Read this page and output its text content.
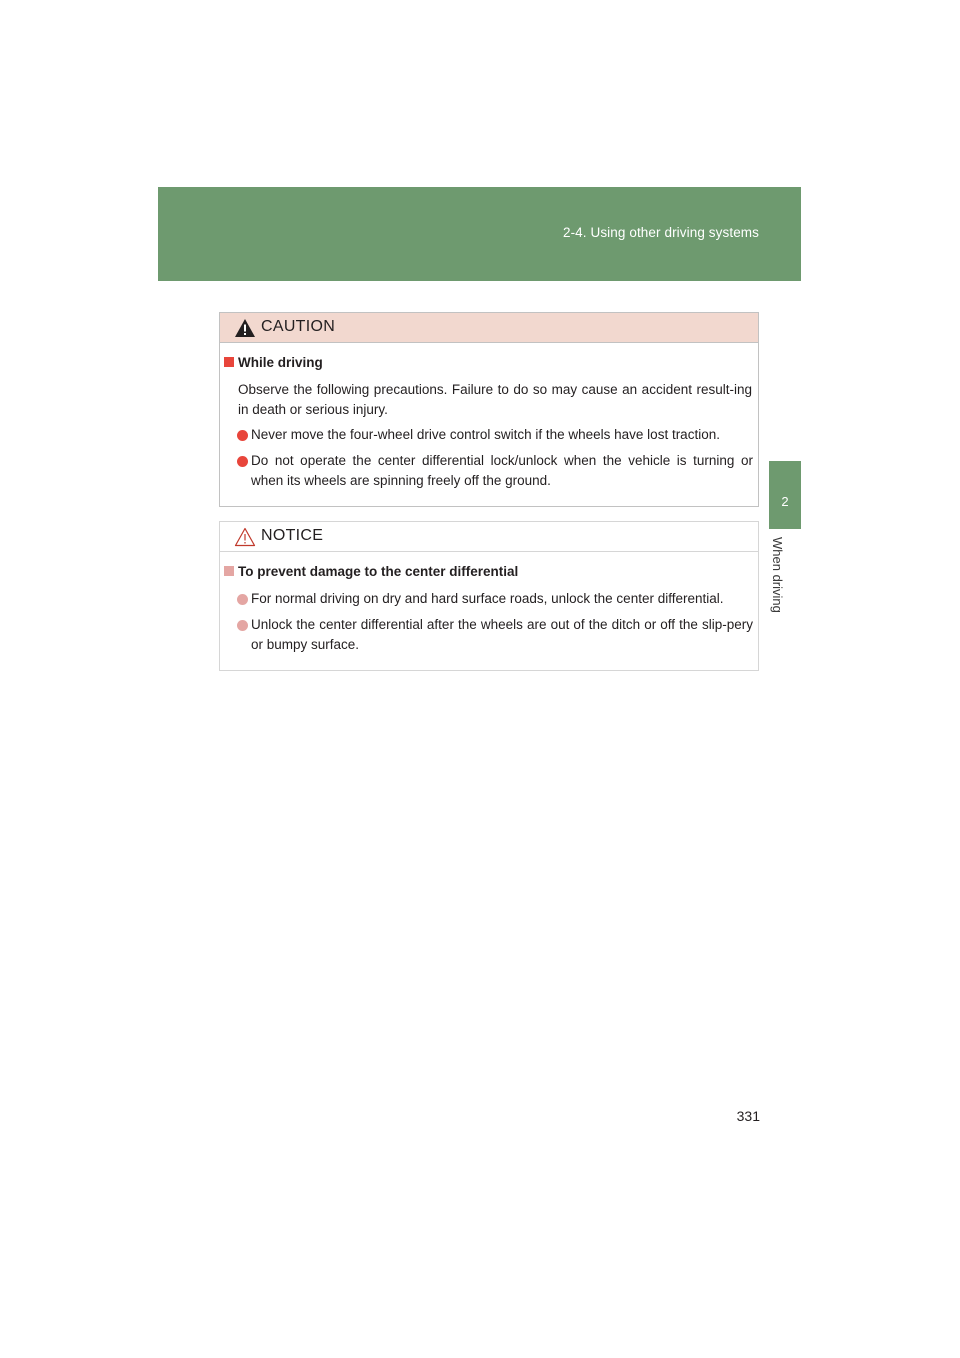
2-4. Using other driving systems
2
When driving
CAUTION
While driving
Observe the following precautions. Failure to do so may cause an accident result-ing in death or serious injury.
Never move the four-wheel drive control switch if the wheels have lost traction.
Do not operate the center differential lock/unlock when the vehicle is turning or when its wheels are spinning freely off the ground.
NOTICE
To prevent damage to the center differential
For normal driving on dry and hard surface roads, unlock the center differential.
Unlock the center differential after the wheels are out of the ditch or off the slip-pery or bumpy surface.
331
